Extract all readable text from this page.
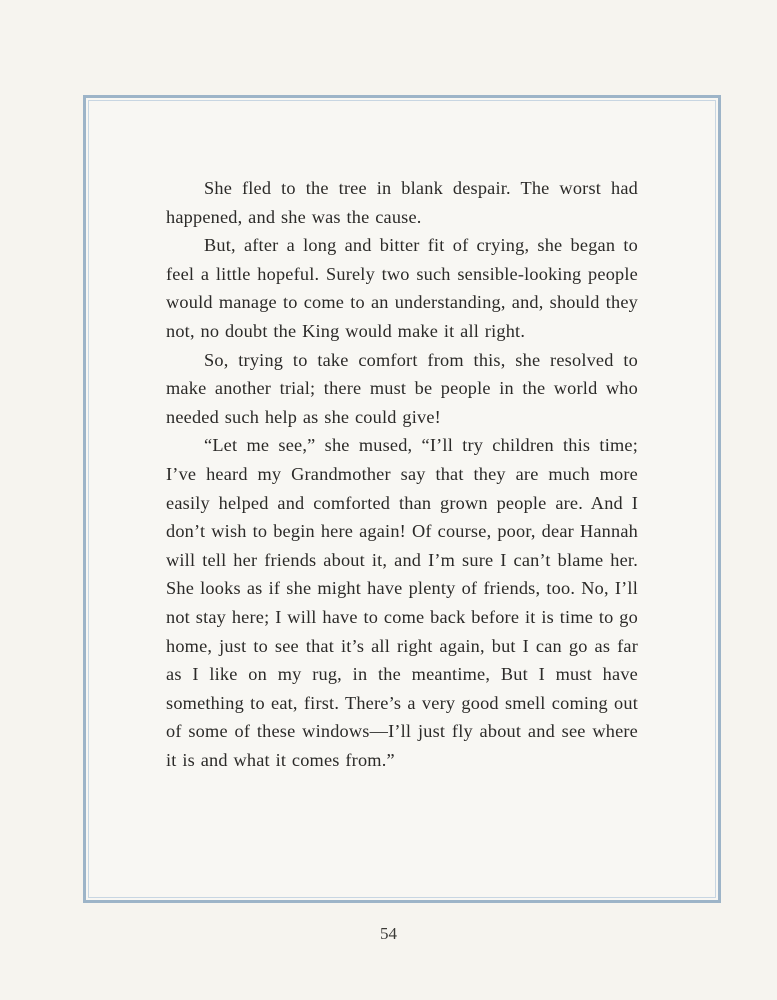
She fled to the tree in blank despair. The worst had happened, and she was the cause.

But, after a long and bitter fit of crying, she began to feel a little hopeful. Surely two such sensible-looking people would manage to come to an understanding, and, should they not, no doubt the King would make it all right.

So, trying to take comfort from this, she resolved to make another trial; there must be people in the world who needed such help as she could give!

“Let me see,” she mused, “I’ll try children this time; I’ve heard my Grandmother say that they are much more easily helped and comforted than grown people are. And I don’t wish to begin here again! Of course, poor, dear Hannah will tell her friends about it, and I’m sure I can’t blame her. She looks as if she might have plenty of friends, too. No, I’ll not stay here; I will have to come back before it is time to go home, just to see that it’s all right again, but I can go as far as I like on my rug, in the meantime, But I must have something to eat, first. There’s a very good smell coming out of some of these windows—I’ll just fly about and see where it is and what it comes from.”

54
